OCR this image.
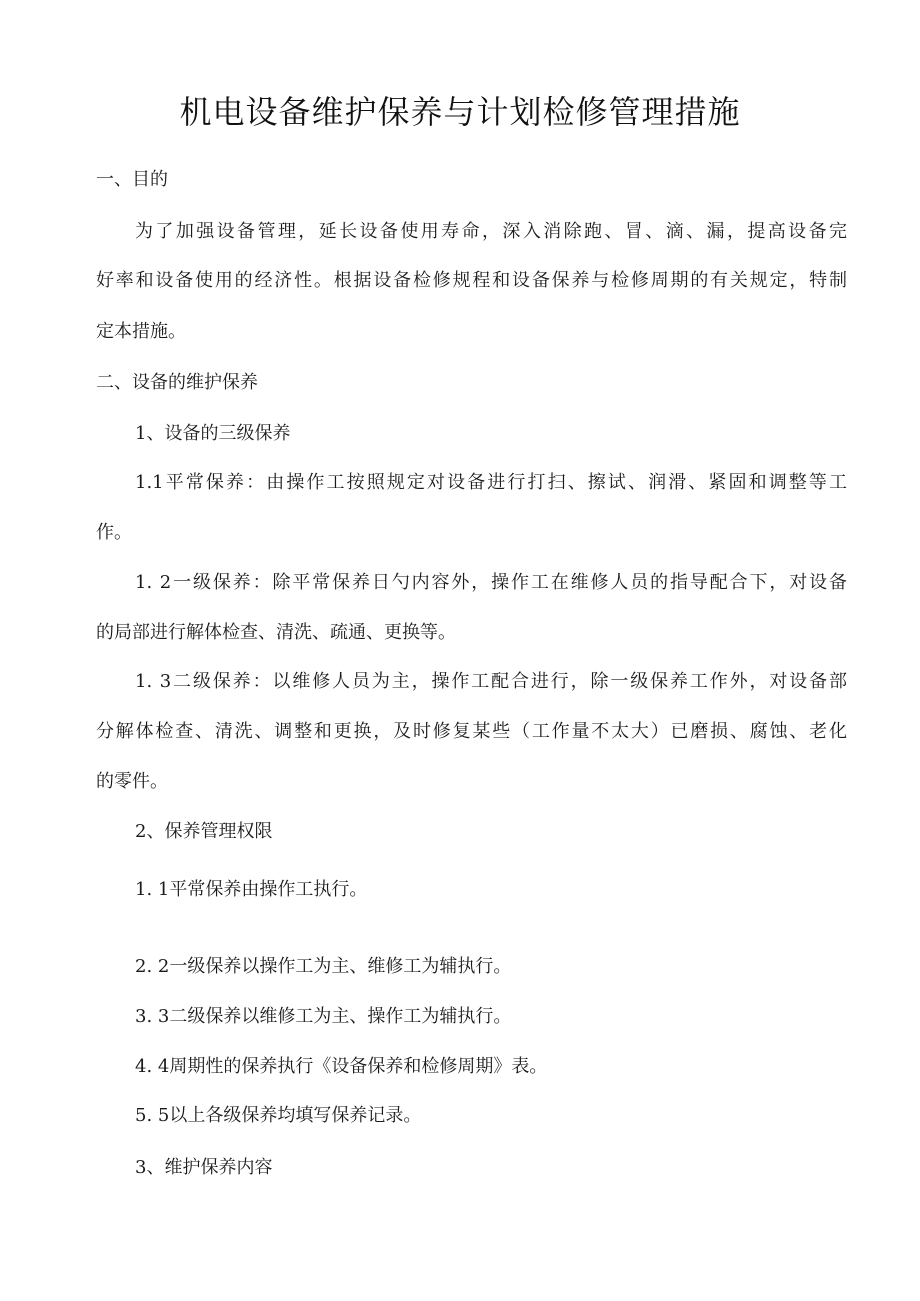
机电设备维护保养与计划检修管理措施

一、目的

为了加强设备管理，延长设备使用寿命，深入消除跑、冒、滴、漏，提高设备完

好率和设备使用的经济性。根据设备检修规程和设备保养与检修周期的有关规定，特制

定本措施。

二、设备的维护保养

1、设备的三级保养

1.1平常保养：由操作工按照规定对设备进行打扫、擦试、润滑、紧固和调整等工

作。

1. 2一级保养：除平常保养日勺内容外，操作工在维修人员的指导配合下，对设备

的局部进行解体检查、清洗、疏通、更换等。

1. 3二级保养：以维修人员为主，操作工配合进行，除一级保养工作外，对设备部

分解体检查、清洗、调整和更换，及时修复某些（工作量不太大）已磨损、腐蚀、老化

的零件。

2、保养管理权限

1. 1平常保养由操作工执行。

2. 2一级保养以操作工为主、维修工为辅执行。

3. 3二级保养以维修工为主、操作工为辅执行。

4. 4周期性的保养执行《设备保养和检修周期》表。

5. 5以上各级保养均填写保养记录。

3、维护保养内容
